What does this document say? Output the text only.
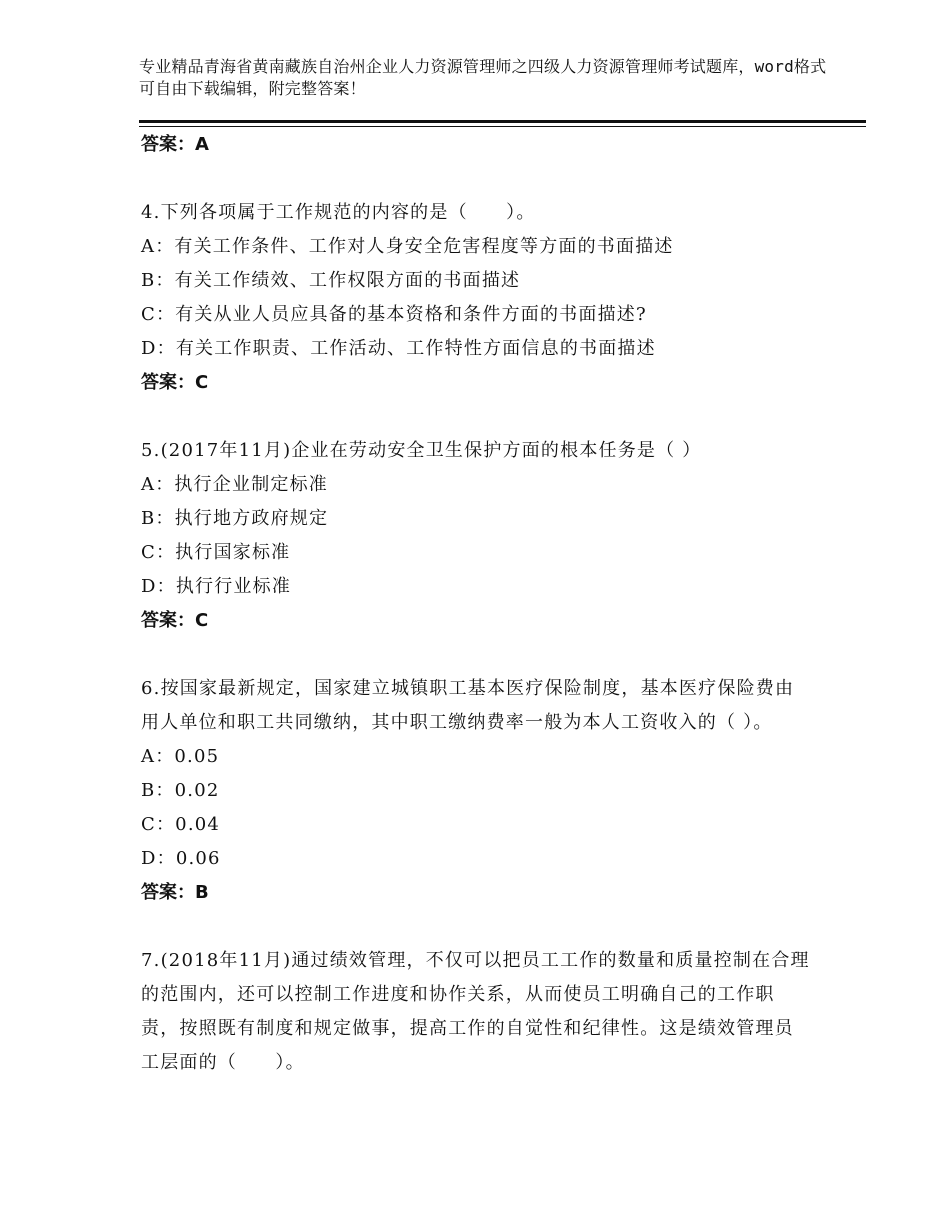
专业精品青海省黄南藏族自治州企业人力资源管理师之四级人力资源管理师考试题库，word格式可自由下载编辑，附完整答案！
答案：A
4.下列各项属于工作规范的内容的是（　　）。
A：有关工作条件、工作对人身安全危害程度等方面的书面描述
B：有关工作绩效、工作权限方面的书面描述
C：有关从业人员应具备的基本资格和条件方面的书面描述?
D：有关工作职责、工作活动、工作特性方面信息的书面描述
答案：C
5.(2017年11月)企业在劳动安全卫生保护方面的根本任务是（ ）
A：执行企业制定标准
B：执行地方政府规定
C：执行国家标准
D：执行行业标准
答案：C
6.按国家最新规定，国家建立城镇职工基本医疗保险制度，基本医疗保险费由用人单位和职工共同缴纳，其中职工缴纳费率一般为本人工资收入的（ ）。
A：0.05
B：0.02
C：0.04
D：0.06
答案：B
7.(2018年11月)通过绩效管理，不仅可以把员工工作的数量和质量控制在合理的范围内，还可以控制工作进度和协作关系，从而使员工明确自己的工作职责，按照既有制度和规定做事，提高工作的自觉性和纪律性。这是绩效管理员工层面的（　　）。
